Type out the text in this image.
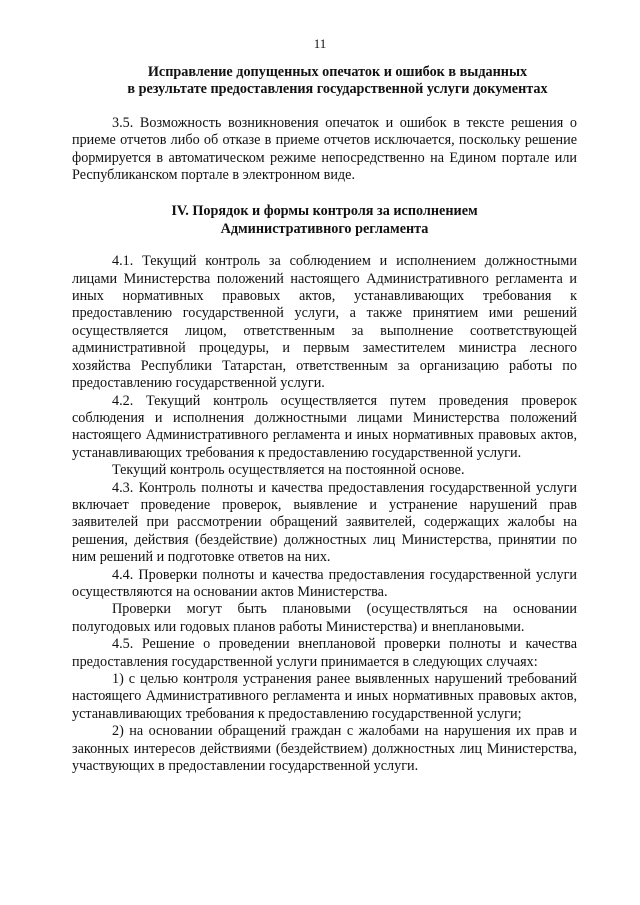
11

Исправление допущенных опечаток и ошибок в выданных

в результате предоставления государственной услуги документах

3.5. Возможность возникновения опечаток и ошибок в тексте решения о приеме отчетов либо об отказе в приеме отчетов исключается, поскольку решение формируется в автоматическом режиме непосредственно на Едином портале или Республиканском портале в электронном виде.

IV. Порядок и формы контроля за исполнением

Административного регламента

4.1. Текущий контроль за соблюдением и исполнением должностными лицами Министерства положений настоящего Административного регламента и иных нормативных правовых актов, устанавливающих требования к предоставлению государственной услуги, а также принятием ими решений осуществляется лицом, ответственным за выполнение соответствующей административной процедуры, и первым заместителем министра лесного хозяйства Республики Татарстан, ответственным за организацию работы по предоставлению государственной услуги.

4.2. Текущий контроль осуществляется путем проведения проверок соблюдения и исполнения должностными лицами Министерства положений настоящего Административного регламента и иных нормативных правовых актов, устанавливающих требования к предоставлению государственной услуги.

Текущий контроль осуществляется на постоянной основе.

4.3. Контроль полноты и качества предоставления государственной услуги включает проведение проверок, выявление и устранение нарушений прав заявителей при рассмотрении обращений заявителей, содержащих жалобы на решения, действия (бездействие) должностных лиц Министерства, принятии по ним решений и подготовке ответов на них.

4.4. Проверки полноты и качества предоставления государственной услуги осуществляются на основании актов Министерства.

Проверки могут быть плановыми (осуществляться на основании полугодовых или годовых планов работы Министерства) и внеплановыми.

4.5. Решение о проведении внеплановой проверки полноты и качества предоставления государственной услуги принимается в следующих случаях:

1) с целью контроля устранения ранее выявленных нарушений требований настоящего Административного регламента и иных нормативных правовых актов, устанавливающих требования к предоставлению государственной услуги;

2) на основании обращений граждан с жалобами на нарушения их прав и законных интересов действиями (бездействием) должностных лиц Министерства, участвующих в предоставлении государственной услуги.
